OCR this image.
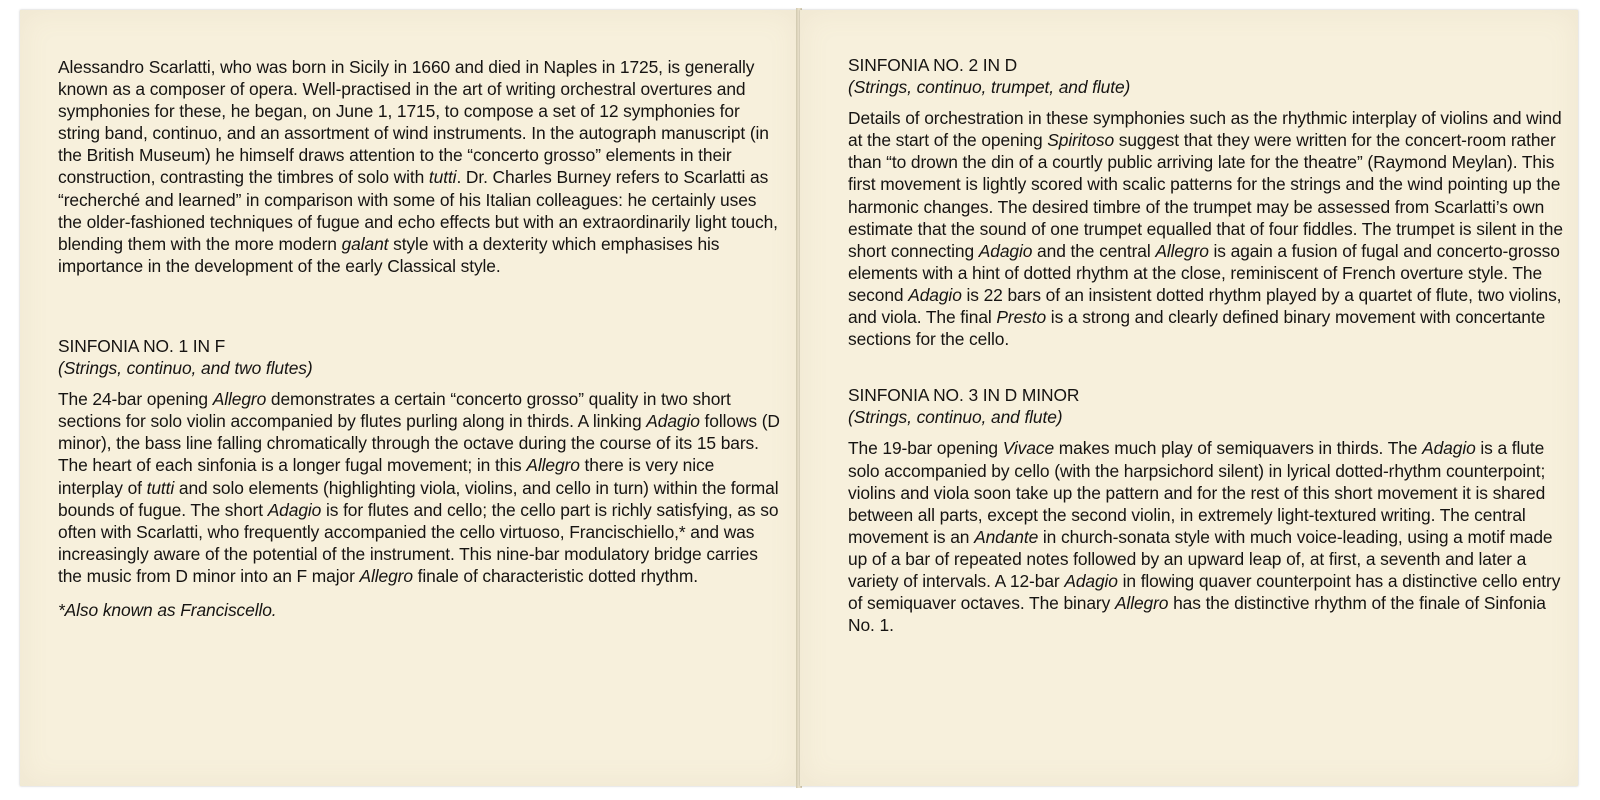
Alessandro Scarlatti, who was born in Sicily in 1660 and died in Naples in 1725, is generally known as a composer of opera. Well-practised in the art of writing orchestral overtures and symphonies for these, he began, on June 1, 1715, to compose a set of 12 symphonies for string band, continuo, and an assortment of wind instruments. In the autograph manuscript (in the British Museum) he himself draws attention to the “concerto grosso” elements in their construction, contrasting the timbres of solo with tutti. Dr. Charles Burney refers to Scarlatti as “recherché and learned” in comparison with some of his Italian colleagues: he certainly uses the older-fashioned techniques of fugue and echo effects but with an extraordinarily light touch, blending them with the more modern galant style with a dexterity which emphasises his importance in the development of the early Classical style.

SINFONIA NO. 1 IN F
(Strings, continuo, and two flutes)
The 24-bar opening Allegro demonstrates a certain “concerto grosso” quality in two short sections for solo violin accompanied by flutes purling along in thirds. A linking Adagio follows (D minor), the bass line falling chromatically through the octave during the course of its 15 bars. The heart of each sinfonia is a longer fugal movement; in this Allegro there is very nice interplay of tutti and solo elements (highlighting viola, violins, and cello in turn) within the formal bounds of fugue. The short Adagio is for flutes and cello; the cello part is richly satisfying, as so often with Scarlatti, who frequently accompanied the cello virtuoso, Francischiello,* and was increasingly aware of the potential of the instrument. This nine-bar modulatory bridge carries the music from D minor into an F major Allegro finale of characteristic dotted rhythm.

*Also known as Franciscello.

SINFONIA NO. 2 IN D
(Strings, continuo, trumpet, and flute)
Details of orchestration in these symphonies such as the rhythmic interplay of violins and wind at the start of the opening Spiritoso suggest that they were written for the concert-room rather than “to drown the din of a courtly public arriving late for the theatre” (Raymond Meylan). This first movement is lightly scored with scalic patterns for the strings and the wind pointing up the harmonic changes. The desired timbre of the trumpet may be assessed from Scarlatti’s own estimate that the sound of one trumpet equalled that of four fiddles. The trumpet is silent in the short connecting Adagio and the central Allegro is again a fusion of fugal and concerto-grosso elements with a hint of dotted rhythm at the close, reminiscent of French overture style. The second Adagio is 22 bars of an insistent dotted rhythm played by a quartet of flute, two violins, and viola. The final Presto is a strong and clearly defined binary movement with concertante sections for the cello.
SINFONIA NO. 3 IN D MINOR
(Strings, continuo, and flute)
The 19-bar opening Vivace makes much play of semiquavers in thirds. The Adagio is a flute solo accompanied by cello (with the harpsichord silent) in lyrical dotted-rhythm counterpoint; violins and viola soon take up the pattern and for the rest of this short movement it is shared between all parts, except the second violin, in extremely light-textured writing. The central movement is an Andante in church-sonata style with much voice-leading, using a motif made up of a bar of repeated notes followed by an upward leap of, at first, a seventh and later a variety of intervals. A 12-bar Adagio in flowing quaver counterpoint has a distinctive cello entry of semiquaver octaves. The binary Allegro has the distinctive rhythm of the finale of Sinfonia No. 1.
